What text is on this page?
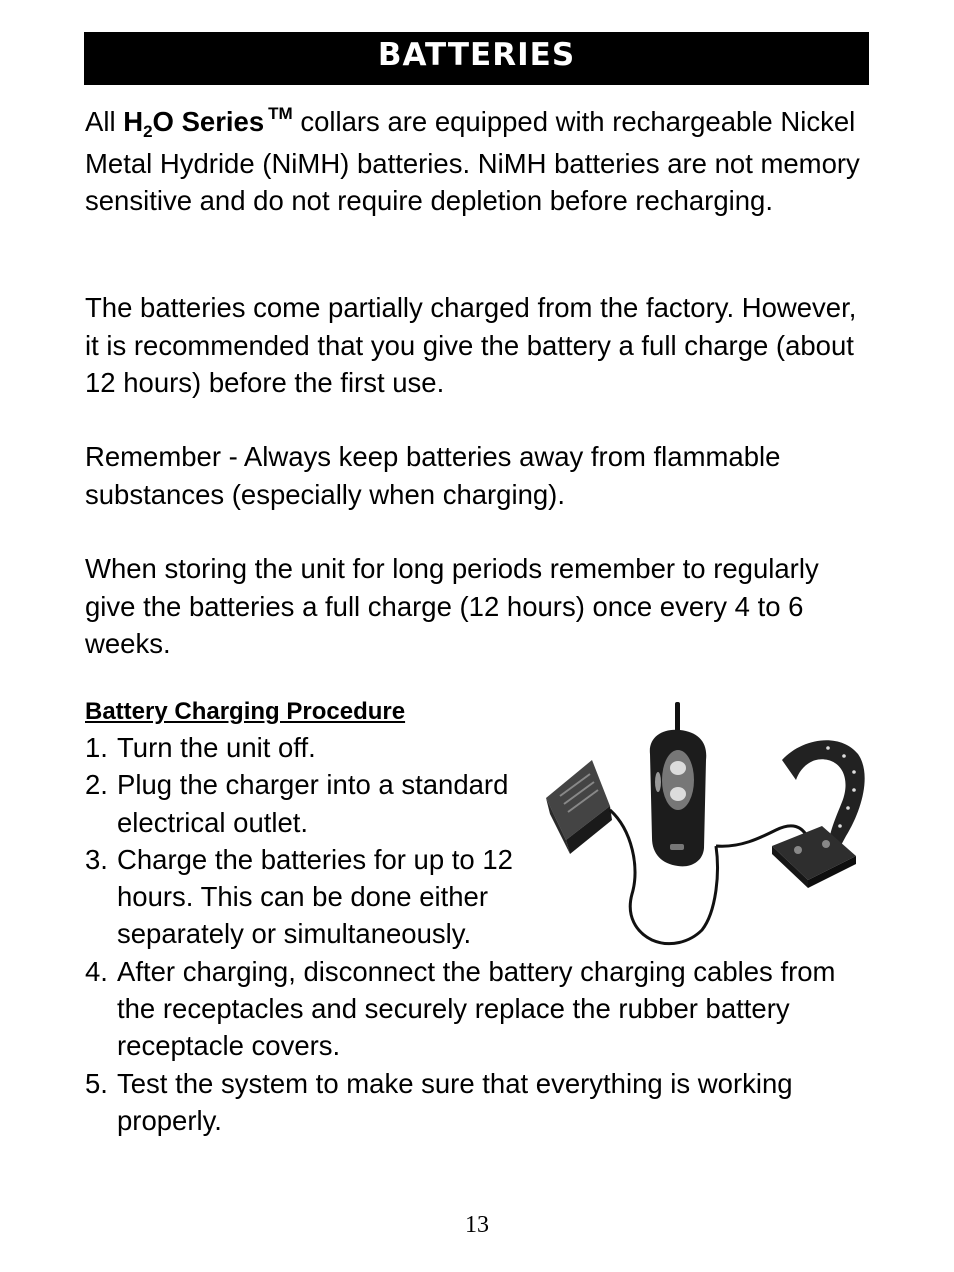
BATTERIES

All $H_2O$ Series ™ collars are equipped with rechargeable Nickel Metal Hydride (NiMH) batteries. NiMH batteries are not memory sensitive and do not require depletion before recharging.

The batteries come partially charged from the factory. However, it is recommended that you give the battery a full charge (about 12 hours) before the first use.

Remember - Always keep batteries away from flammable substances (especially when charging).

When storing the unit for long periods remember to regularly give the batteries a full charge (12 hours) once every 4 to 6 weeks.

Battery Charging Procedure
1. Turn the unit off.
2. Plug the charger into a standard electrical outlet.
3. Charge the batteries for up to 12 hours. This can be done either separately or simultaneously.
4. After charging, disconnect the battery charging cables from the receptacles and securely replace the rubber battery receptacle covers.
5. Test the system to make sure that everything is working properly.
13
